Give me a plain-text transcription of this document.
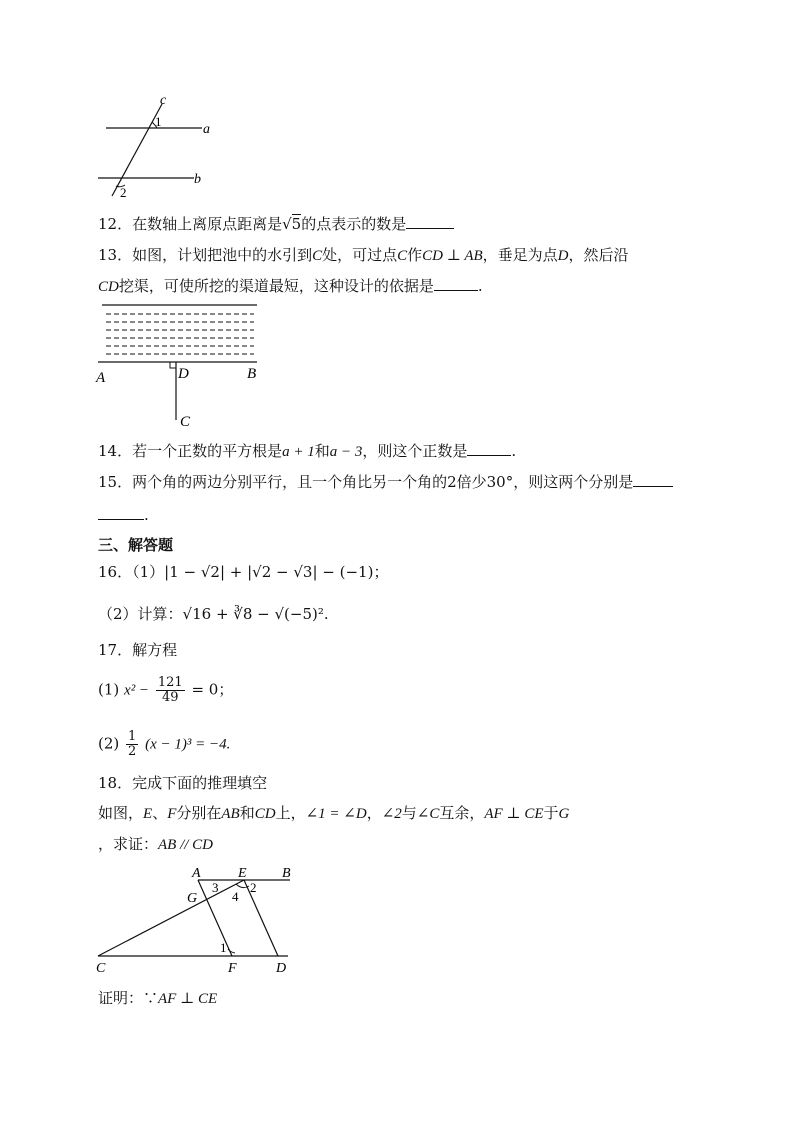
c
a
b
1
2
12．在数轴上离原点距离是√5的点表示的数是
13．如图，计划把池中的水引到C处，可过点C作CD ⊥ AB，垂足为点D，然后沿
CD挖渠，可使所挖的渠道最短，这种设计的依据是	.
A	D	B
C
14．若一个正数的平方根是a + 1和a − 3，则这个正数是	.
15．两个角的两边分别平行，且一个角比另一个角的2倍少30°，则这两个分别是
.
三、解答题
16．（1）|1 − √2| + |√2 − √3| − (−1)；
（2）计算：√16 + ∛8 − √(−5)².
17．解方程
(1) $x^2 - \frac{121}{49} = 0$；
$(2) \frac{1}{2} (x - 1)^3 = -4$.
18．完成下面的推理填空
如图，E、F分别在AB和CD上，∠1 = ∠D，∠2与∠C互余，AF ⊥ CE于G
，求证：AB // CD
A	E	B
G
3
4
2
1
C	F	D
证明：∵AF ⊥ CE
